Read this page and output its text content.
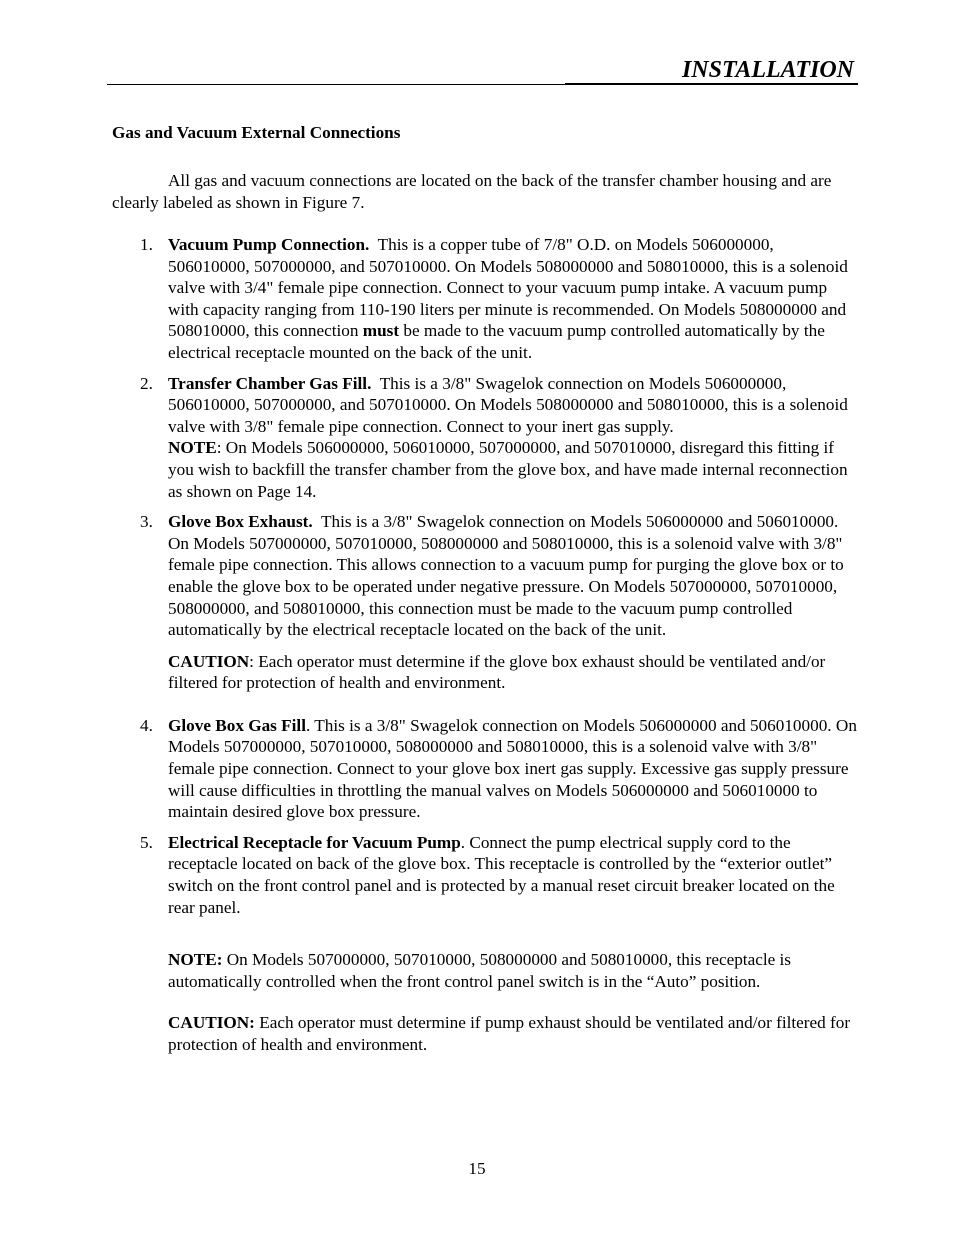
INSTALLATION
Gas and Vacuum External Connections
All gas and vacuum connections are located on the back of the transfer chamber housing and are clearly labeled as shown in Figure 7.
1. Vacuum Pump Connection. This is a copper tube of 7/8" O.D. on Models 506000000, 506010000, 507000000, and 507010000. On Models 508000000 and 508010000, this is a solenoid valve with 3/4" female pipe connection. Connect to your vacuum pump intake. A vacuum pump with capacity ranging from 110-190 liters per minute is recommended. On Models 508000000 and 508010000, this connection must be made to the vacuum pump controlled automatically by the electrical receptacle mounted on the back of the unit.

2. Transfer Chamber Gas Fill. This is a 3/8" Swagelok connection on Models 506000000, 506010000, 507000000, and 507010000. On Models 508000000 and 508010000, this is a solenoid valve with 3/8" female pipe connection. Connect to your inert gas supply.
NOTE: On Models 506000000, 506010000, 507000000, and 507010000, disregard this fitting if you wish to backfill the transfer chamber from the glove box, and have made internal reconnection as shown on Page 14.

3. Glove Box Exhaust. This is a 3/8" Swagelok connection on Models 506000000 and 506010000. On Models 507000000, 507010000, 508000000 and 508010000, this is a solenoid valve with 3/8" female pipe connection. This allows connection to a vacuum pump for purging the glove box or to enable the glove box to be operated under negative pressure. On Models 507000000, 507010000, 508000000, and 508010000, this connection must be made to the vacuum pump controlled automatically by the electrical receptacle located on the back of the unit.

CAUTION: Each operator must determine if the glove box exhaust should be ventilated and/or filtered for protection of health and environment.

4. Glove Box Gas Fill. This is a 3/8" Swagelok connection on Models 506000000 and 506010000. On Models 507000000, 507010000, 508000000 and 508010000, this is a solenoid valve with 3/8" female pipe connection. Connect to your glove box inert gas supply. Excessive gas supply pressure will cause difficulties in throttling the manual valves on Models 506000000 and 506010000 to maintain desired glove box pressure.

5. Electrical Receptacle for Vacuum Pump. Connect the pump electrical supply cord to the receptacle located on back of the glove box. This receptacle is controlled by the “exterior outlet” switch on the front control panel and is protected by a manual reset circuit breaker located on the rear panel.

NOTE: On Models 507000000, 507010000, 508000000 and 508010000, this receptacle is automatically controlled when the front control panel switch is in the “Auto” position.

CAUTION: Each operator must determine if pump exhaust should be ventilated and/or filtered for protection of health and environment.

15
